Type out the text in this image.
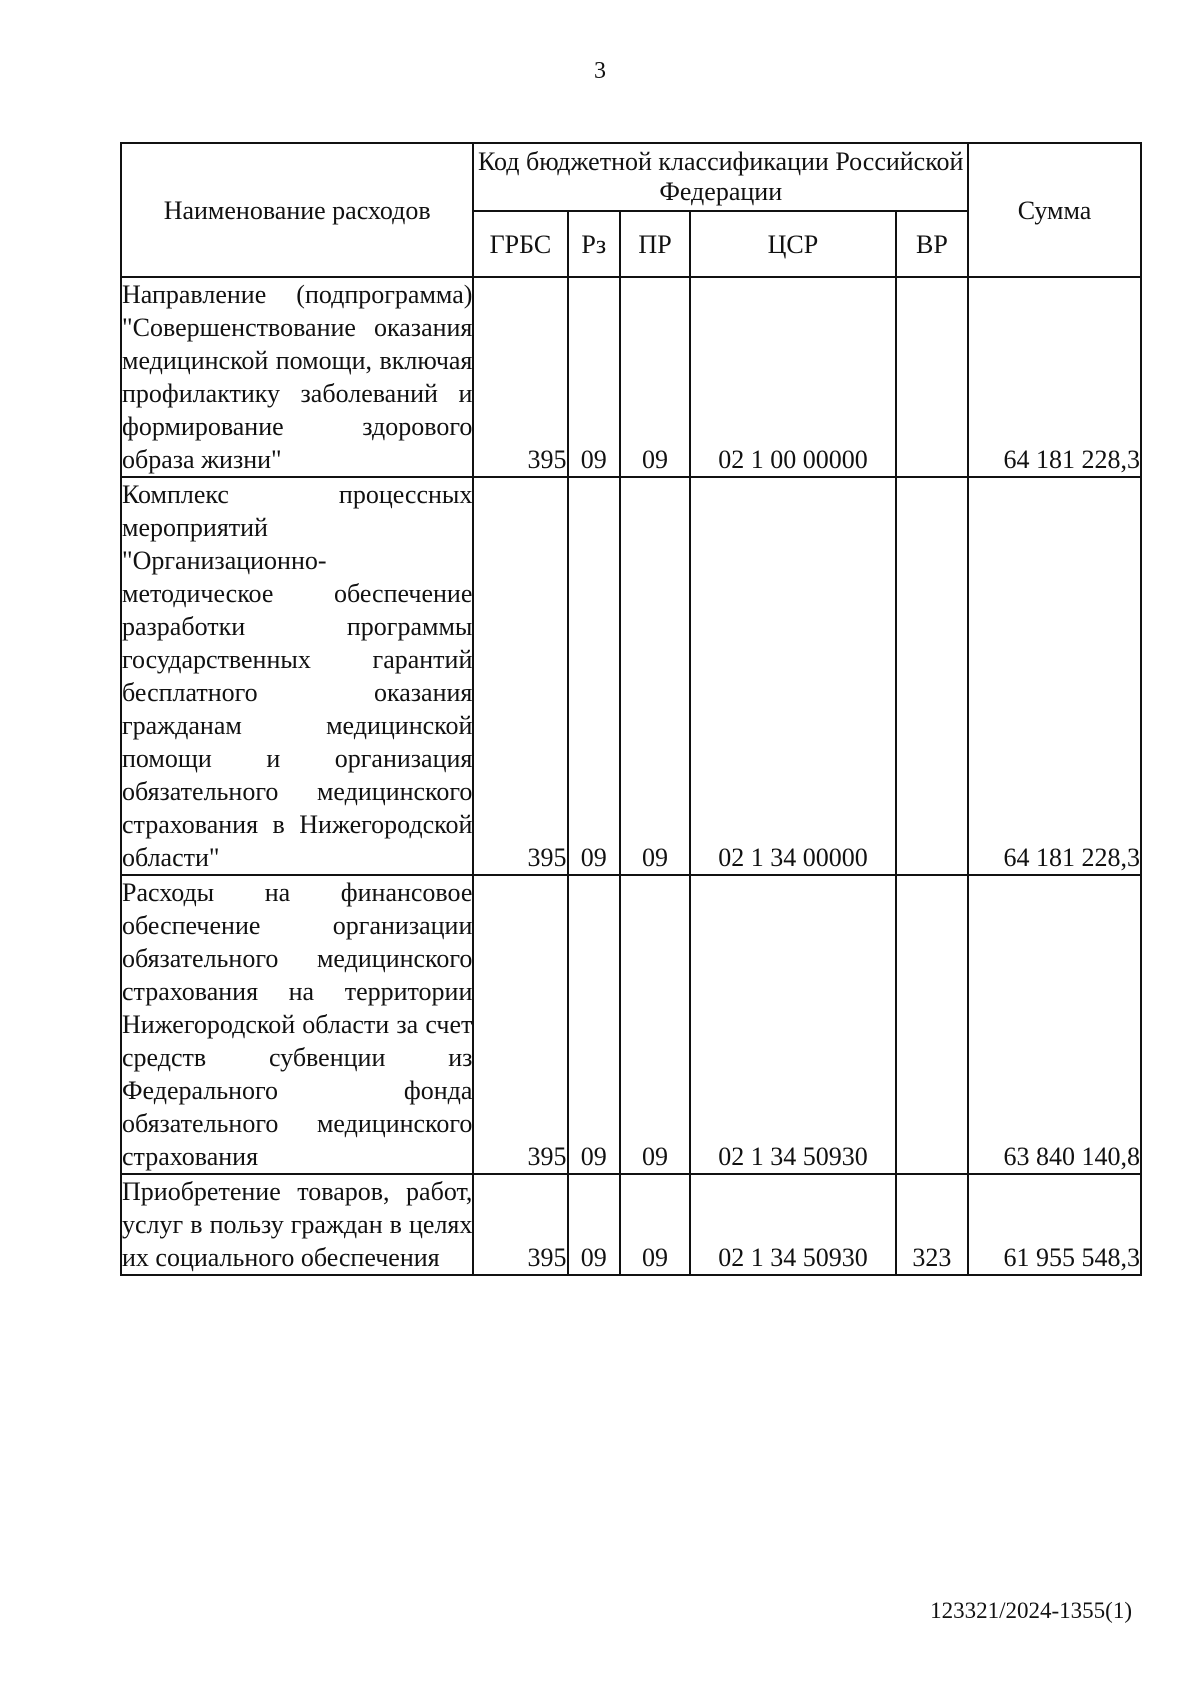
3
Наименование расходов	Код бюджетной классификации Российской Федерации					Сумма
	ГРБС	Рз	ПР	ЦСР	ВР	
Направление (подпрограмма) "Совершенствование оказания медицинской помощи, включая профилактику заболеваний и формирование здорового образа жизни"	395	09	09	02 1 00 00000		64 181 228,3
Комплекс процессных мероприятий "Организационно-методическое обеспечение разработки программы государственных гарантий бесплатного оказания гражданам медицинской помощи и организация обязательного медицинского страхования в Нижегородской области"	395	09	09	02 1 34 00000		64 181 228,3
Расходы на финансовое обеспечение организации обязательного медицинского страхования на территории Нижегородской области за счет средств субвенции из Федерального фонда обязательного медицинского страхования	395	09	09	02 1 34 50930		63 840 140,8
Приобретение товаров, работ, услуг в пользу граждан в целях их социального обеспечения	395	09	09	02 1 34 50930	323	61 955 548,3
123321/2024-1355(1)
